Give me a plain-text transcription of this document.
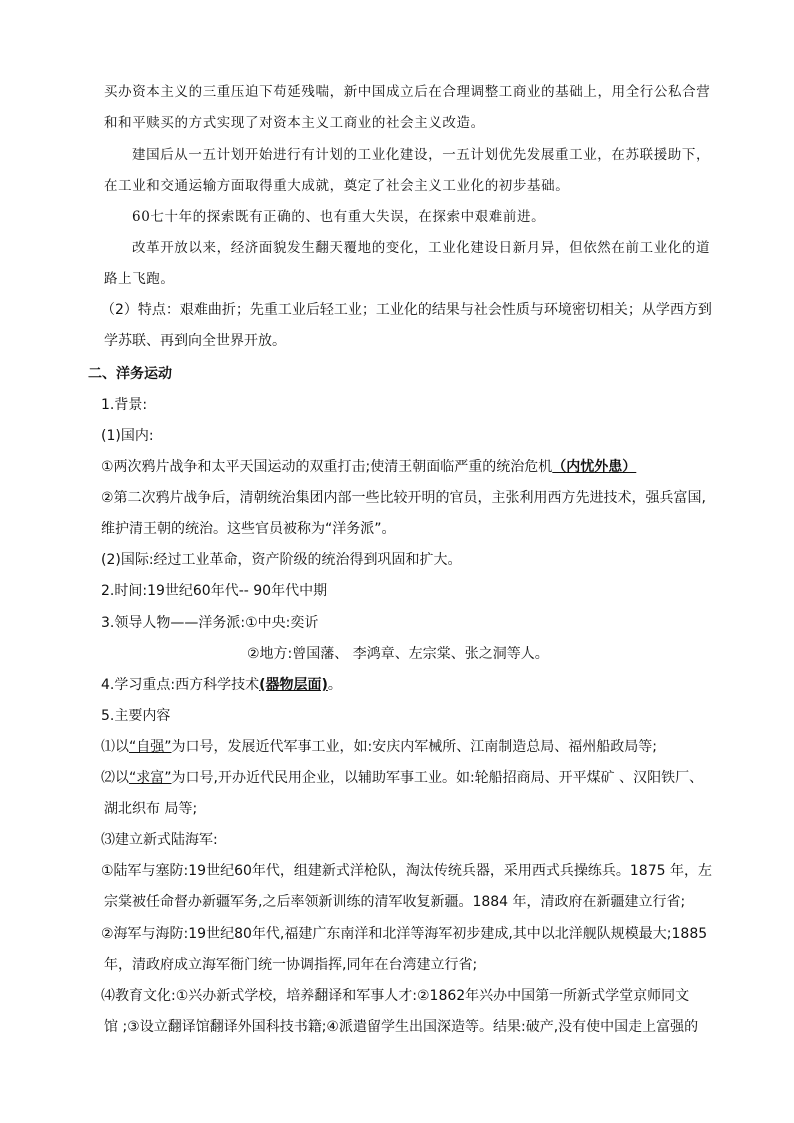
买办资本主义的三重压迫下苟延残喘，新中国成立后在合理调整工商业的基础上，用全行公私合营
和和平赎买的方式实现了对资本主义工商业的社会主义改造。
建国后从一五计划开始进行有计划的工业化建设，一五计划优先发展重工业，在苏联援助下，
在工业和交通运输方面取得重大成就，奠定了社会主义工业化的初步基础。
60七十年的探索既有正确的、也有重大失误，在探索中艰难前进。
改革开放以来，经济面貌发生翻天覆地的变化，工业化建设日新月异，但依然在前工业化的道
路上飞跑。
（2）特点：艰难曲折；先重工业后轻工业；工业化的结果与社会性质与环境密切相关；从学西方到
学苏联、再到向全世界开放。
二、洋务运动
1.背景:
(1)国内:
①两次鸦片战争和太平天国运动的双重打击;使清王朝面临严重的统治危机（内忧外患）
②第二次鸦片战争后，清朝统治集团内部一些比较开明的官员，主张利用西方先进技术，强兵富国,
维护清王朝的统治。这些官员被称为“洋务派”。
(2)国际:经过工业革命，资产阶级的统治得到巩固和扩大。
2.时间:19世纪60年代-- 90年代中期
3.领导人物——洋务派:①中央:奕䜣
②地方:曾国藩、 李鸿章、左宗棠、张之洞等人。
4.学习重点:西方科学技术(器物层面)。
5.主要内容
⑴以“自强”为口号，发展近代军事工业，如:安庆内军械所、江南制造总局、福州船政局等;
⑵以“求富”为口号,开办近代民用企业，以辅助军事工业。如:轮船招商局、开平煤矿 、汉阳铁厂、
湖北织布 局等;
⑶建立新式陆海军:
①陆军与塞防:19世纪60年代，组建新式洋枪队，淘汰传统兵器，采用西式兵操练兵。1875 年，左
宗棠被任命督办新疆军务,之后率领新训练的清军收复新疆。1884 年，清政府在新疆建立行省;
②海军与海防:19世纪80年代,福建广东南洋和北洋等海军初步建成,其中以北洋舰队规模最大;1885
年，清政府成立海军衙门统一协调指挥,同年在台湾建立行省;
⑷教育文化:①兴办新式学校，培养翻译和军事人才:②1862年兴办中国第一所新式学堂京师同文
馆 ;③设立翻译馆翻译外国科技书籍;④派遣留学生出国深造等。结果:破产,没有使中国走上富强的
